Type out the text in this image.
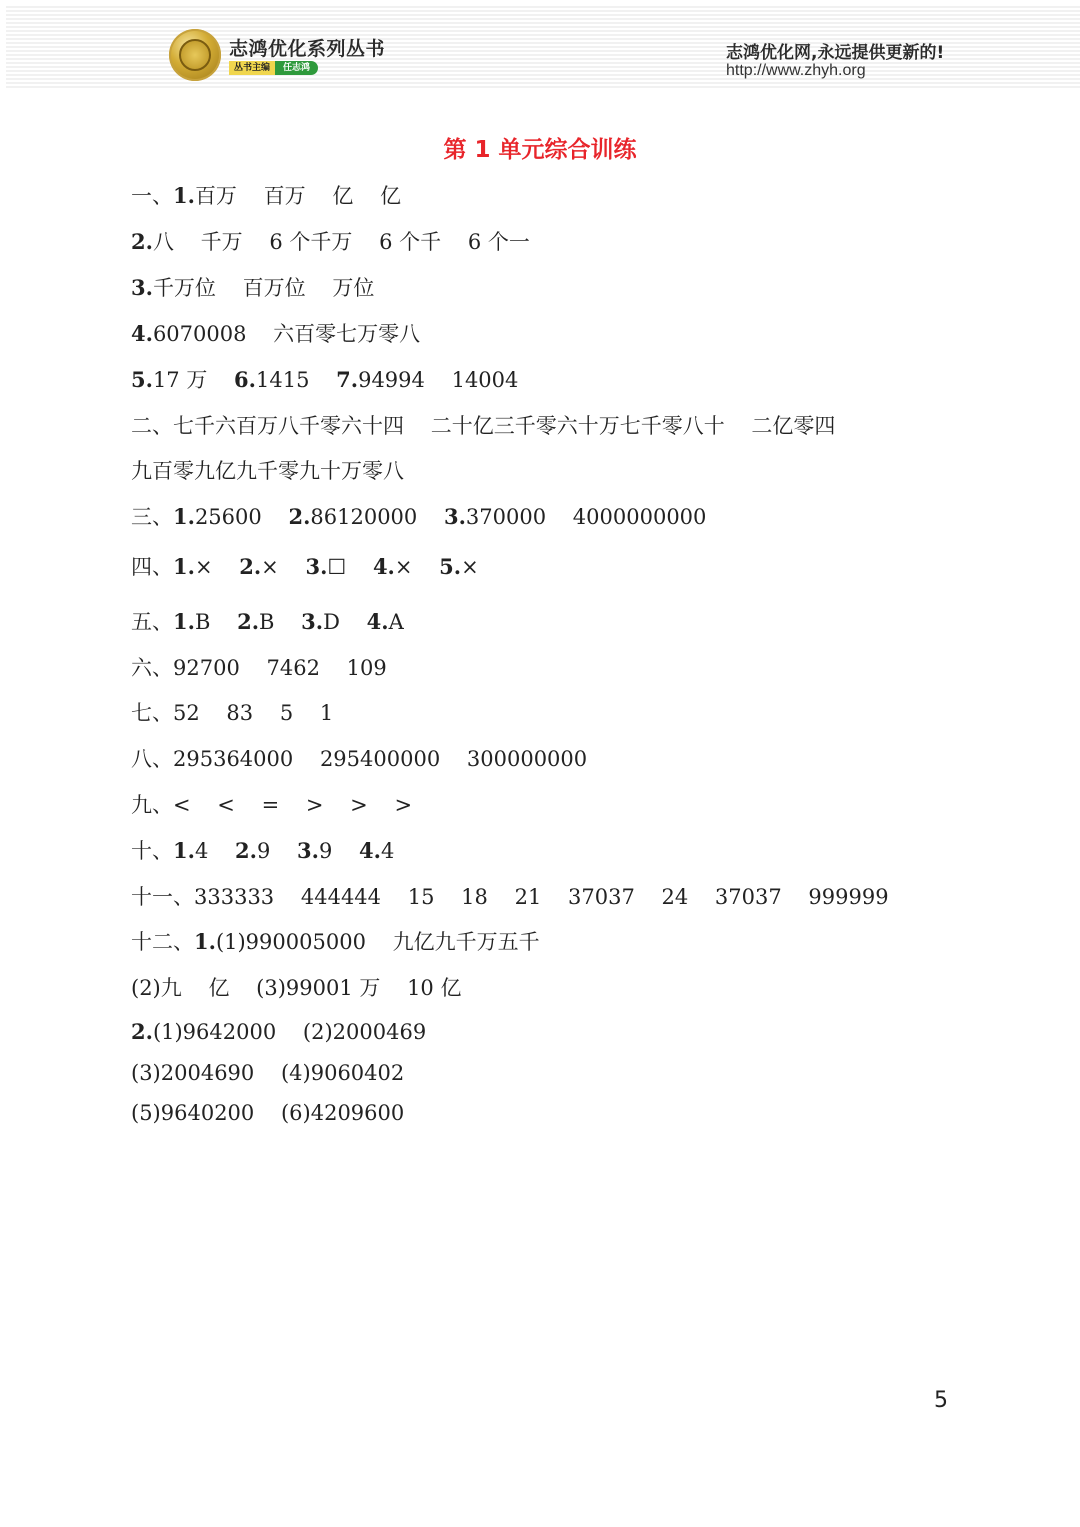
志鸿优化系列丛书
丛书主编	任志鸿
志鸿优化网,永远提供更新的!
http://www.zhyh.org
第 1 单元综合训练
一、1.百万    百万    亿    亿
2.八    千万    6 个千万    6 个千    6 个一
3.千万位    百万位    万位
4.6070008    六百零七万零八
5.17 万    6.1415    7.94994    14004
二、七千六百万八千零六十四    二十亿三千零六十万七千零八十    二亿零四
九百零九亿九千零九十万零八
三、1.25600    2.86120000    3.370000    4000000000
四、1.×    2.×    3.☐    4.×    5.×
五、1.B    2.B    3.D    4.A
六、92700    7462    109
七、52    83    5    1
八、295364000    295400000    300000000
九、<    <    =    >    >    >
十、1.4    2.9    3.9    4.4
十一、333333    444444    15    18    21    37037    24    37037    999999
十二、1.(1)990005000    九亿九千万五千
(2)九    亿    (3)99001 万    10 亿
2.(1)9642000    (2)2000469
(3)2004690    (4)9060402
(5)9640200    (6)4209600
5
